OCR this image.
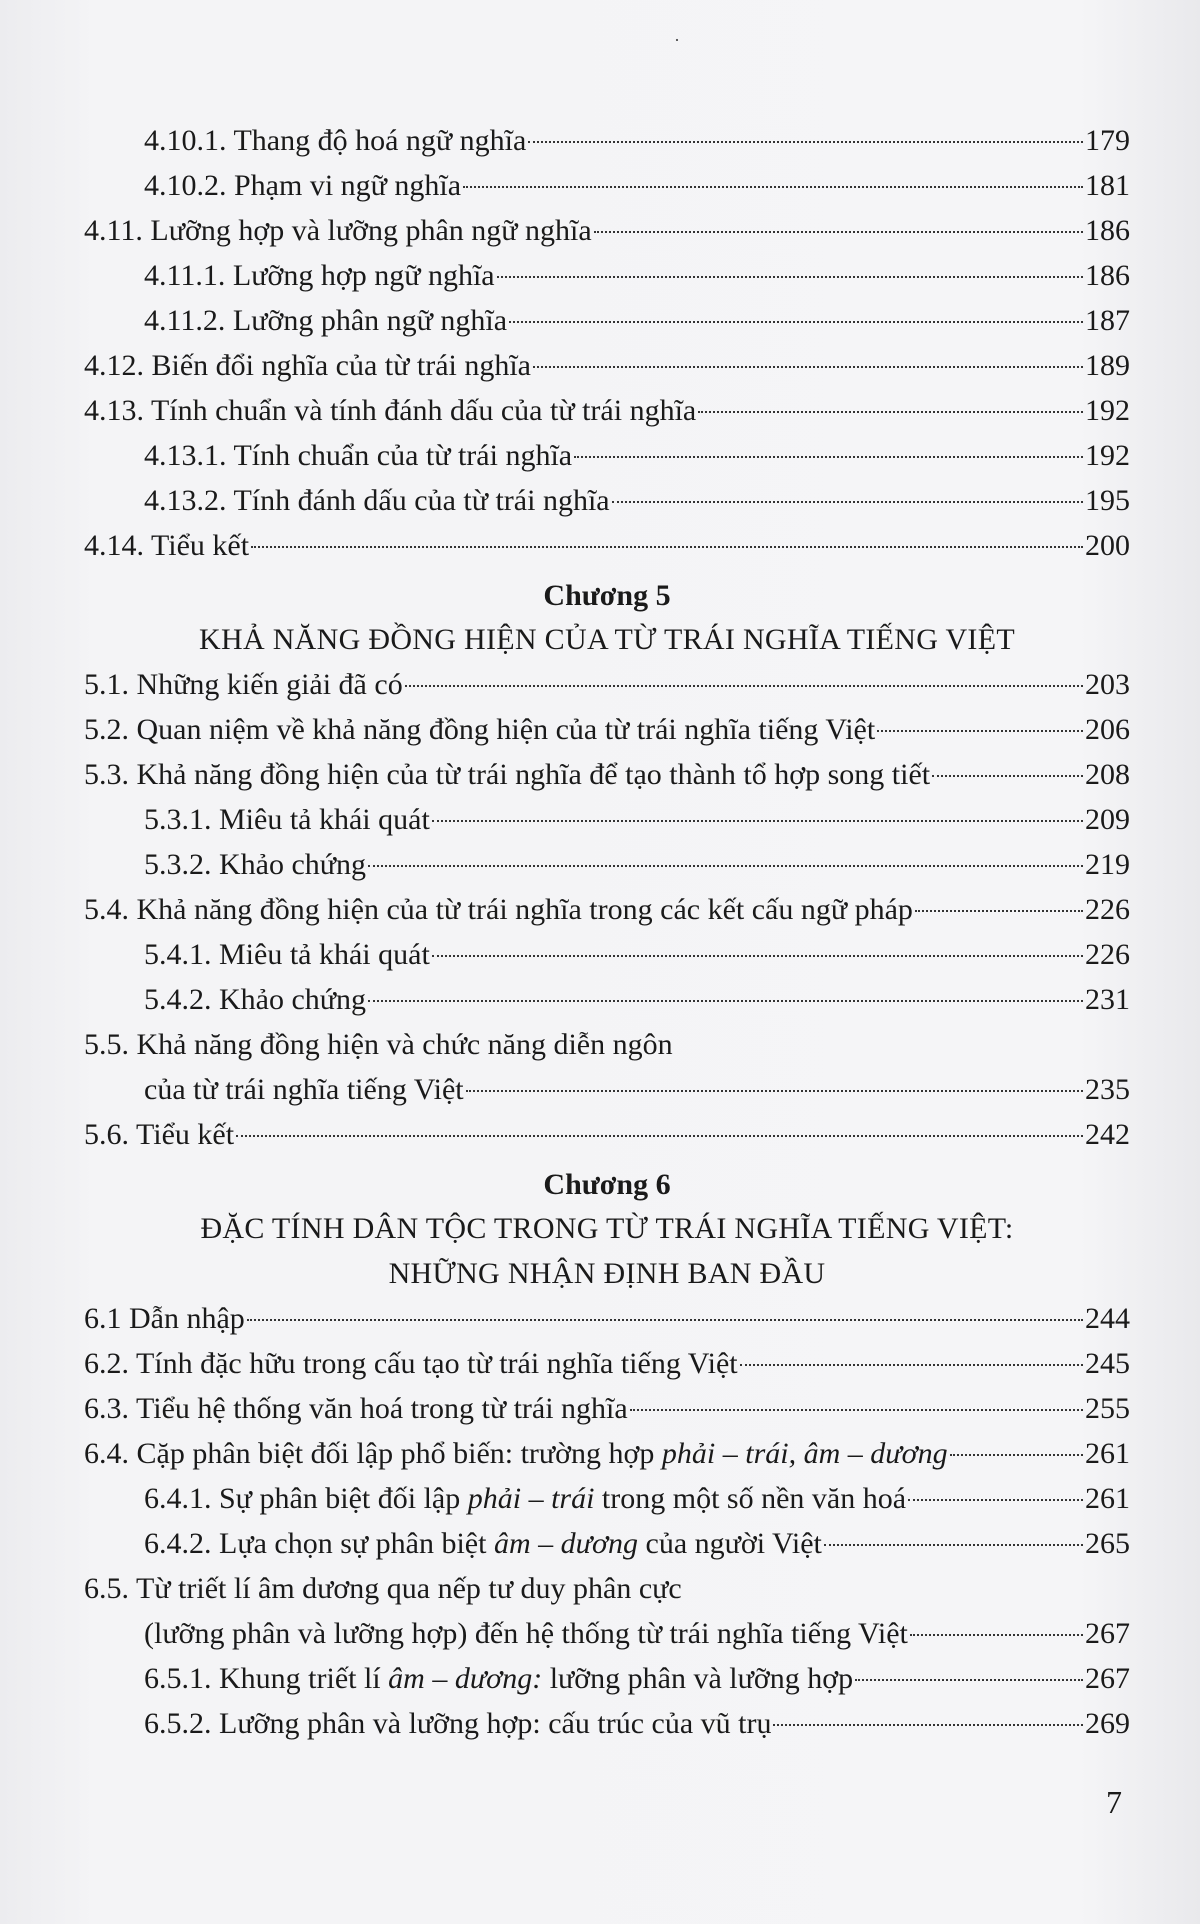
·
4.10.1. Thang độ hoá ngữ nghĩa	179
4.10.2. Phạm vi ngữ nghĩa	181
4.11. Lưỡng hợp và lưỡng phân ngữ nghĩa	186
4.11.1. Lưỡng hợp ngữ nghĩa	186
4.11.2. Lưỡng phân ngữ nghĩa	187
4.12. Biến đổi nghĩa của từ trái nghĩa	189
4.13. Tính chuẩn và tính đánh dấu của từ trái nghĩa	192
4.13.1. Tính chuẩn của từ trái nghĩa	192
4.13.2. Tính đánh dấu của từ trái nghĩa	195
4.14. Tiểu kết	200
Chương 5
KHẢ NĂNG ĐỒNG HIỆN CỦA TỪ TRÁI NGHĨA TIẾNG VIỆT
5.1. Những kiến giải đã có	203
5.2. Quan niệm về khả năng đồng hiện của từ trái nghĩa tiếng Việt	206
5.3. Khả năng đồng hiện của từ trái nghĩa để tạo thành tổ hợp song tiết	208
5.3.1. Miêu tả khái quát	209
5.3.2. Khảo chứng	219
5.4. Khả năng đồng hiện của từ trái nghĩa trong các kết cấu ngữ pháp	226
5.4.1. Miêu tả khái quát	226
5.4.2. Khảo chứng	231
5.5. Khả năng đồng hiện và chức năng diễn ngôn
của từ trái nghĩa tiếng Việt	235
5.6. Tiểu kết	242
Chương 6
ĐẶC TÍNH DÂN TỘC TRONG TỪ TRÁI NGHĨA TIẾNG VIỆT:
NHỮNG NHẬN ĐỊNH BAN ĐẦU
6.1 Dẫn nhập	244
6.2. Tính đặc hữu trong cấu tạo từ trái nghĩa tiếng Việt	245
6.3. Tiểu hệ thống văn hoá trong từ trái nghĩa	255
6.4. Cặp phân biệt đối lập phổ biến: trường hợp phải – trái, âm – dương	261
6.4.1. Sự phân biệt đối lập phải – trái trong một số nền văn hoá	261
6.4.2. Lựa chọn sự phân biệt âm – dương của người Việt	265
6.5. Từ triết lí âm dương qua nếp tư duy phân cực
(lưỡng phân và lưỡng hợp) đến hệ thống từ trái nghĩa tiếng Việt	267
6.5.1. Khung triết lí âm – dương: lưỡng phân và lưỡng hợp	267
6.5.2. Lưỡng phân và lưỡng hợp: cấu trúc của vũ trụ	269
7
